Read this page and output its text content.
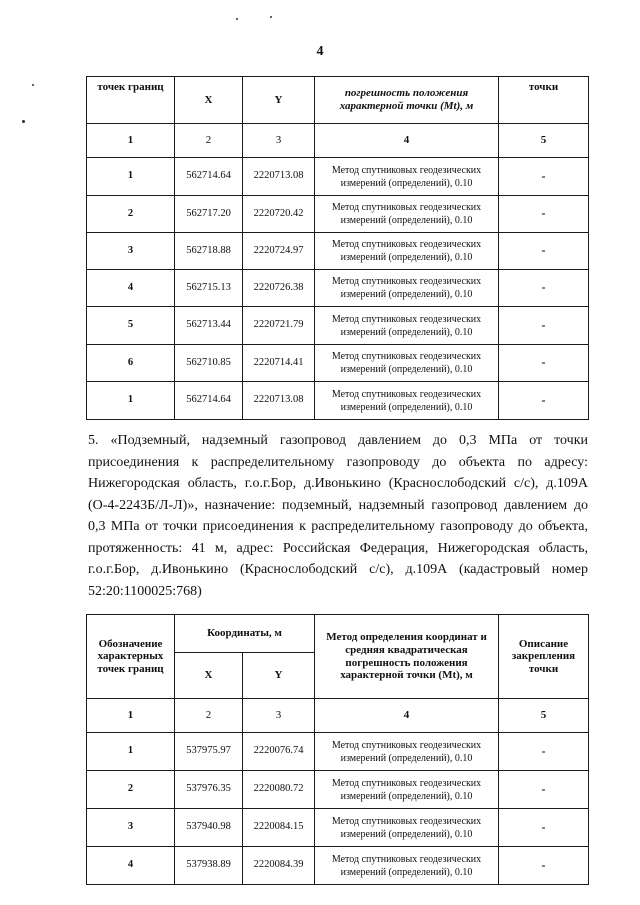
4
точек границ	X	Y	погрешность положения характерной точки (Mt), м	точки
1	2	3	4	5
1	562714.64	2220713.08	Метод спутниковых геодезических измерений (определений), 0.10	-
2	562717.20	2220720.42	Метод спутниковых геодезических измерений (определений), 0.10	-
3	562718.88	2220724.97	Метод спутниковых геодезических измерений (определений), 0.10	-
4	562715.13	2220726.38	Метод спутниковых геодезических измерений (определений), 0.10	-
5	562713.44	2220721.79	Метод спутниковых геодезических измерений (определений), 0.10	-
6	562710.85	2220714.41	Метод спутниковых геодезических измерений (определений), 0.10	-
1	562714.64	2220713.08	Метод спутниковых геодезических измерений (определений), 0.10	-

5. «Подземный, надземный газопровод давлением до 0,3 МПа от точки присоединения к распределительному газопроводу до объекта по адресу: Нижегородская область, г.о.г.Бор, д.Ивонькино (Краснослободский с/с), д.109А (О-4-2243Б/Л-Л)», назначение: подземный, надземный газопровод давлением до 0,3 МПа от точки присоединения к распределительному газопроводу до объекта, протяженность: 41 м, адрес: Российская Федерация, Нижегородская область, г.о.г.Бор, д.Ивонькино (Краснослободский с/с), д.109А (кадастровый номер 52:20:1100025:768)

Обозначение характерных точек границ	Координаты, м		Метод определения координат и средняя квадратическая погрешность положения характерной точки (Mt), м	Описание закрепления точки
	X	Y		
1	2	3	4	5
1	537975.97	2220076.74	Метод спутниковых геодезических измерений (определений), 0.10	-
2	537976.35	2220080.72	Метод спутниковых геодезических измерений (определений), 0.10	-
3	537940.98	2220084.15	Метод спутниковых геодезических измерений (определений), 0.10	-
4	537938.89	2220084.39	Метод спутниковых геодезических измерений (определений), 0.10	-
